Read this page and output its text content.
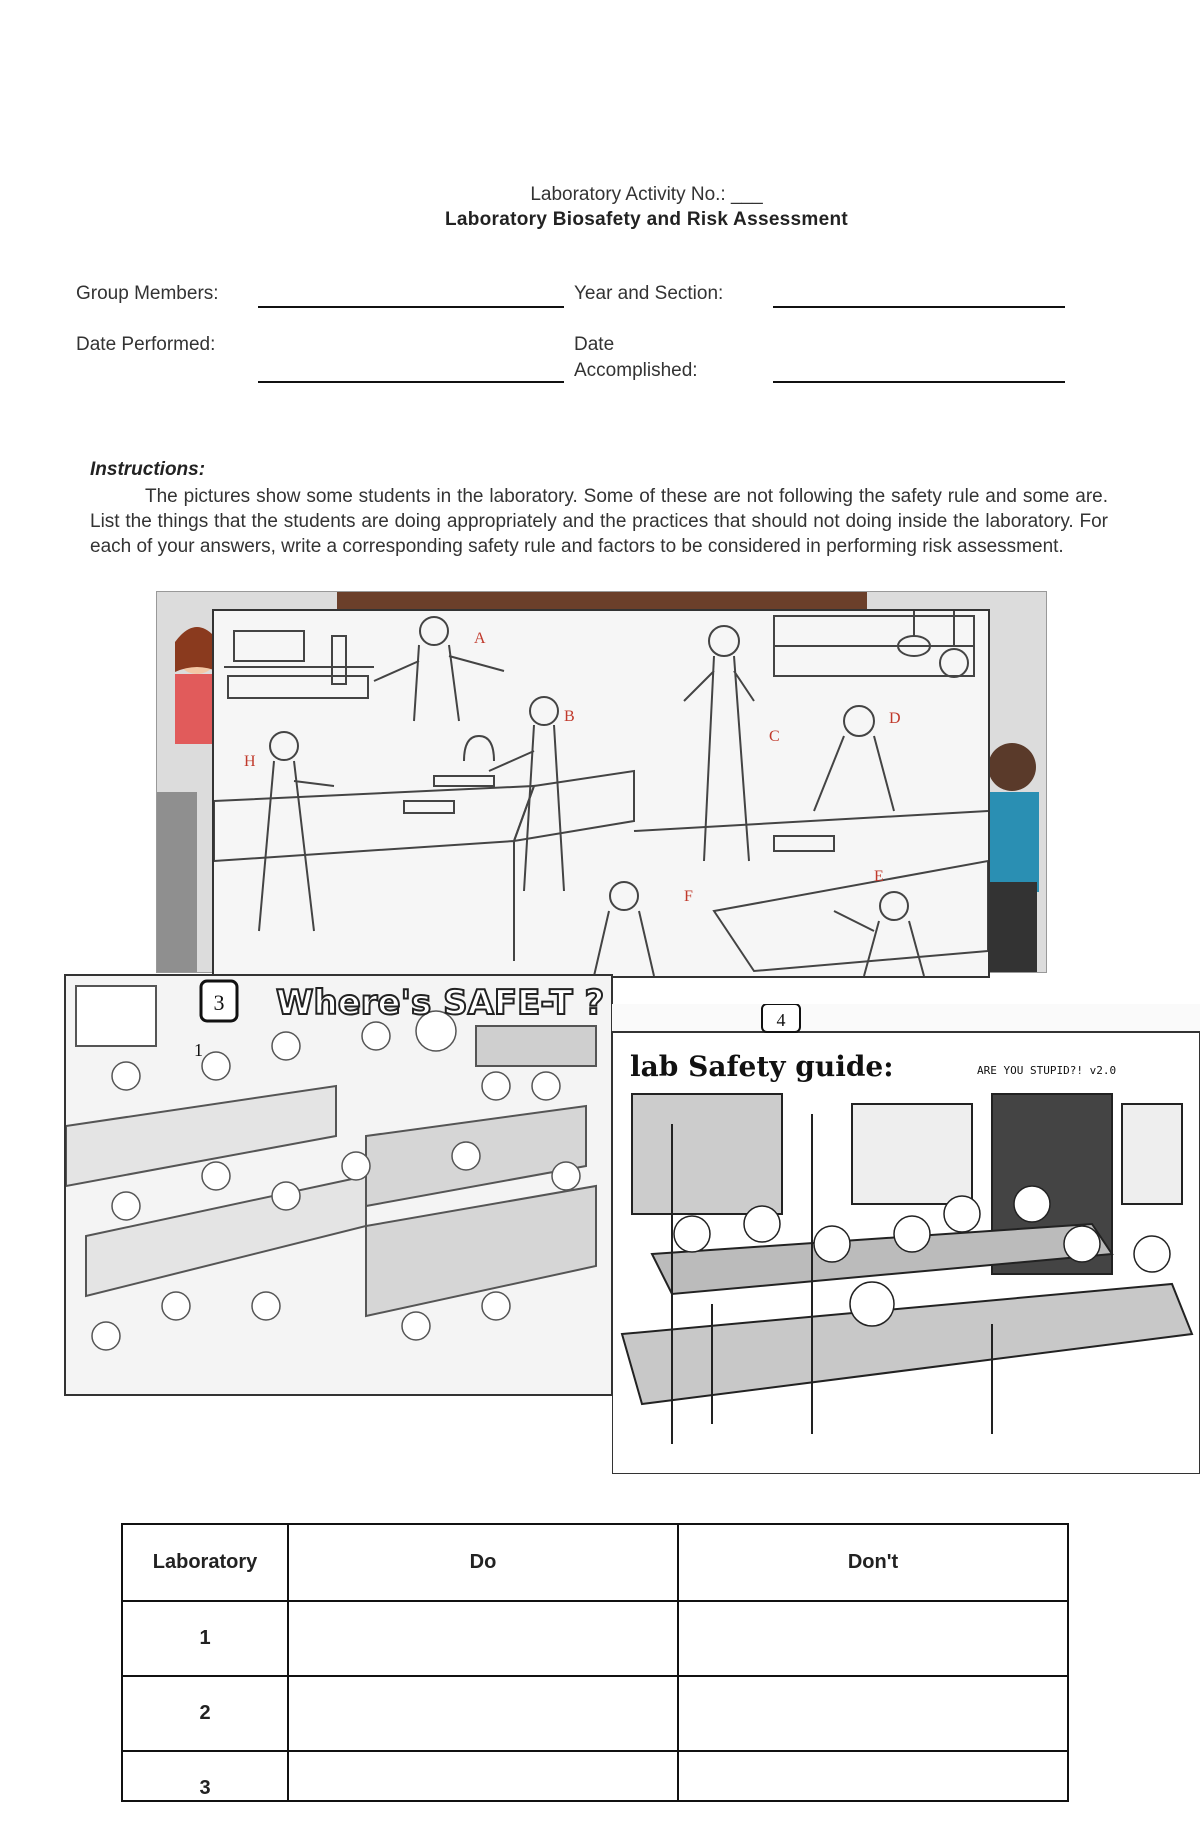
Laboratory Activity No.: ___
Laboratory Biosafety and Risk Assessment
Group Members:	Year and Section:
Date Performed:	Date
Accomplished:
Instructions:
The pictures show some students in the laboratory. Some of these are not following the safety rule and some are. List the things that the students are doing appropriately and the practices that should not doing inside the laboratory. For each of your answers, write a corresponding safety rule and factors to be considered in performing risk assessment.
A
B
C
D
E
F
H
3 Where's SAFE-T ?
1
4
lab Safety guide:	ARE YOU STUPID?! v2.0
Laboratory	Do	Don't
1		
2		
3		
